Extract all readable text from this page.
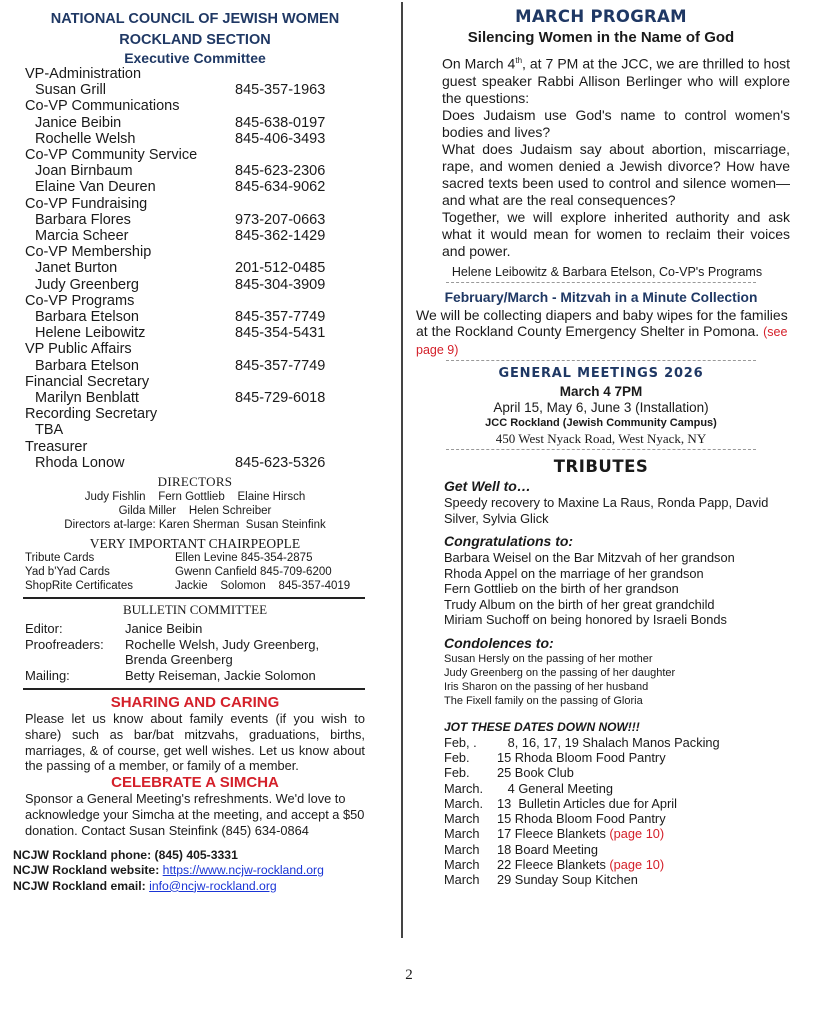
NATIONAL COUNCIL OF JEWISH WOMEN
ROCKLAND SECTION
Executive Committee
VP-Administration
Susan Grill	845-357-1963
Co-VP Communications
Janice Beibin	845-638-0197
Rochelle Welsh	845-406-3493
Co-VP Community Service
Joan Birnbaum	845-623-2306
Elaine Van Deuren	845-634-9062
Co-VP Fundraising
Barbara Flores	973-207-0663
Marcia Scheer	845-362-1429
Co-VP Membership
Janet Burton	201-512-0485
Judy Greenberg	845-304-3909
Co-VP Programs
Barbara Etelson	845-357-7749
Helene Leibowitz	845-354-5431
VP Public Affairs
Barbara Etelson	845-357-7749
Financial Secretary
Marilyn Benblatt	845-729-6018
Recording Secretary
TBA
Treasurer
Rhoda Lonow	845-623-5326
DIRECTORS
Judy Fishlin    Fern Gottlieb    Elaine Hirsch
Gilda Miller    Helen Schreiber
Directors at-large: Karen Sherman  Susan Steinfink
VERY IMPORTANT CHAIRPEOPLE
Tribute Cards	Ellen Levine 845-354-2875
Yad b'Yad Cards	Gwenn Canfield 845-709-6200
ShopRite Certificates	Jackie    Solomon    845-357-4019
BULLETIN COMMITTEE
Editor:	Janice Beibin
Proofreaders:	Rochelle Welsh, Judy Greenberg, Brenda Greenberg
Mailing:	Betty Reiseman, Jackie Solomon
SHARING AND CARING
Please let us know about family events (if you wish to share) such as bar/bat mitzvahs, graduations, births, marriages, & of course, get well wishes. Let us know about the passing of a member, or family of a member.
CELEBRATE A SIMCHA
Sponsor a General Meeting's refreshments. We'd love to acknowledge your Simcha at the meeting, and accept a $50 donation. Contact Susan Steinfink (845) 634-0864
NCJW Rockland phone: (845) 405-3331
NCJW Rockland website: https://www.ncjw-rockland.org
NCJW Rockland email: info@ncjw-rockland.org
MARCH PROGRAM
Silencing Women in the Name of God
On March 4th, at 7 PM at the JCC, we are thrilled to host guest speaker Rabbi Allison Berlinger who will explore the questions:
Does Judaism use God's name to control women's bodies and lives?
What does Judaism say about abortion, miscarriage, rape, and women denied a Jewish divorce? How have sacred texts been used to control and silence women—and what are the real consequences?
Together, we will explore inherited authority and ask what it would mean for women to reclaim their voices and power.
Helene Leibowitz & Barbara Etelson, Co-VP's Programs
February/March - Mitzvah in a Minute Collection
We will be collecting diapers and baby wipes for the families at the Rockland County Emergency Shelter in Pomona. (see page 9)
GENERAL MEETINGS 2026
March 4 7PM
April 15, May 6, June 3 (Installation)
JCC Rockland (Jewish Community Campus)
450 West Nyack Road, West Nyack, NY
TRIBUTES
Get Well to…
Speedy recovery to Maxine La Raus, Ronda Papp, David Silver, Sylvia Glick
Congratulations to:
Barbara Weisel on the Bar Mitzvah of her grandson
Rhoda Appel on the marriage of her grandson
Fern Gottlieb on the birth of her grandson
Trudy Album on the birth of her great grandchild
Miriam Suchoff on being honored by Israeli Bonds
Condolences to:
Susan Hersly on the passing of her mother
Judy Greenberg on the passing of her daughter
Iris Sharon on the passing of her husband
The Fixell family on the passing of Gloria
JOT THESE DATES DOWN NOW!!!
Feb, .	8, 16, 17, 19 Shalach Manos Packing
Feb.	15 Rhoda Bloom Food Pantry
Feb.	25 Book Club
March.	4 General Meeting
March.	13  Bulletin Articles due for April
March	15 Rhoda Bloom Food Pantry
March	17 Fleece Blankets (page 10)
March	18 Board Meeting
March	22 Fleece Blankets (page 10)
March	29 Sunday Soup Kitchen
2
